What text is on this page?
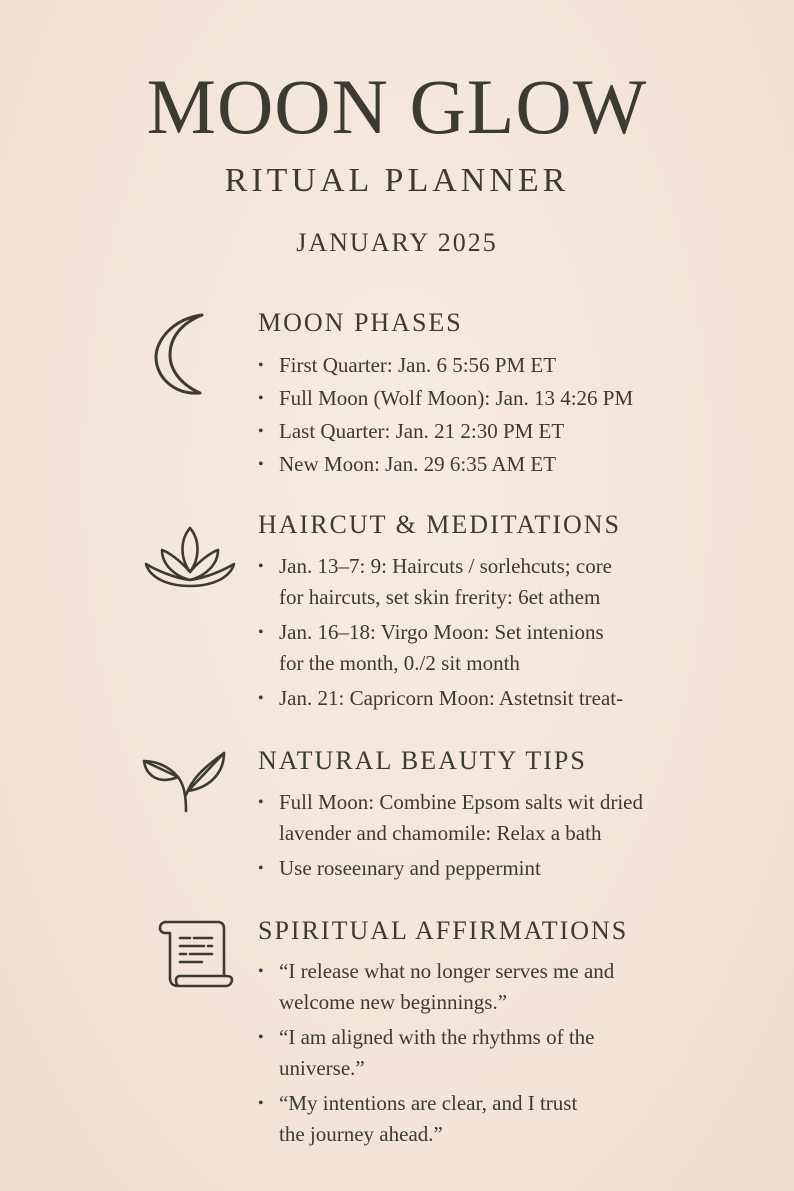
MOON GLOW
RITUAL PLANNER
JANUARY 2025
MOON PHASES
• First Quarter: Jan. 6 5:56 PM ET
• Full Moon (Wolf Moon): Jan. 13 4:26 PM
• Last Quarter: Jan. 21 2:30 PM ET
• New Moon: Jan. 29 6:35 AM ET
HAIRCUT & MEDITATIONS
• Jan. 13–7: 9: Haircuts / sorlehcuts; core
for haircuts, set skin frerity: 6et athem
• Jan. 16–18: Virgo Moon: Set intenions
for the month, 0./2 sit month
• Jan. 21: Capricorn Moon: Astetnsit treat-
NATURAL BEAUTY TIPS
• Full Moon: Combine Epsom salts wit dried
lavender and chamomile: Relax a bath
• Use roseeınary and peppermint
SPIRITUAL AFFIRMATIONS
• “I release what no longer serves me and
welcome new beginnings.”
• “I am aligned with the rhythms of the
universe.”
• “My intentions are clear, and I trust
the journey ahead.”
